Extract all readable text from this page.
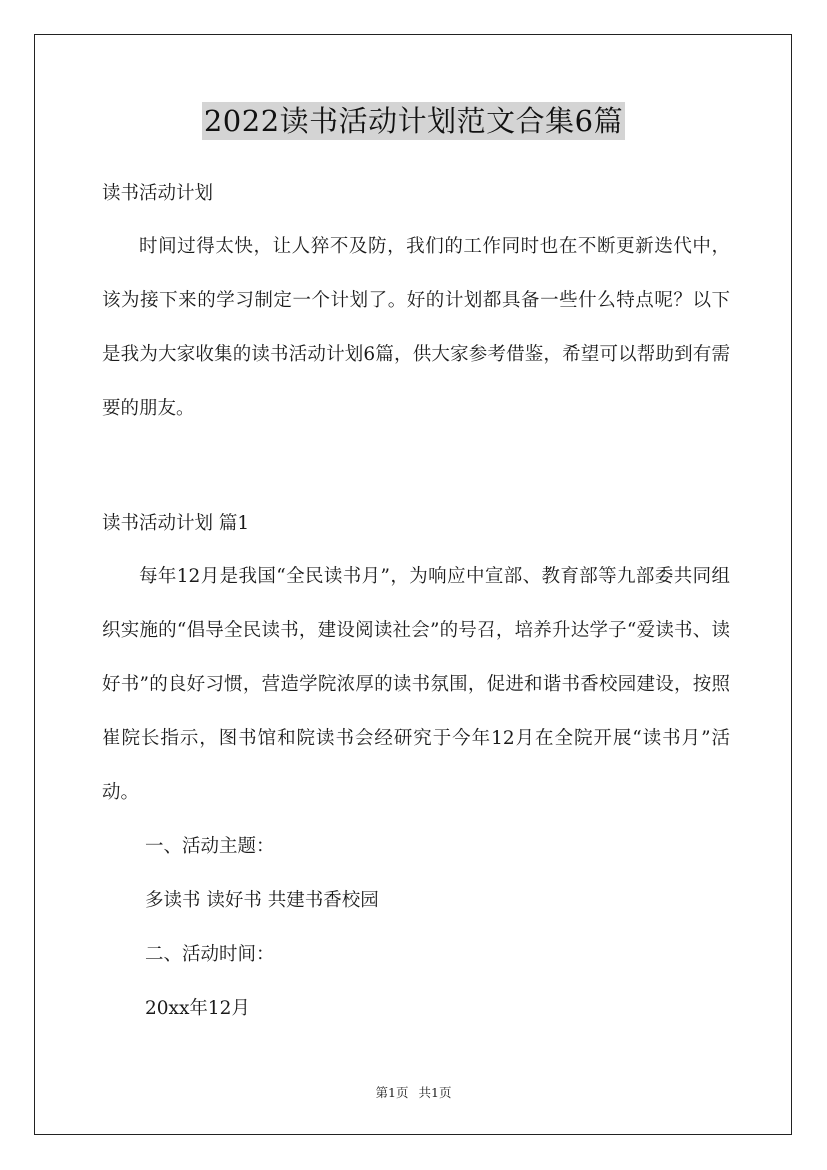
2022读书活动计划范文合集6篇

读书活动计划

时间过得太快，让人猝不及防，我们的工作同时也在不断更新迭代中，该为接下来的学习制定一个计划了。好的计划都具备一些什么特点呢？以下是我为大家收集的读书活动计划6篇，供大家参考借鉴，希望可以帮助到有需要的朋友。

读书活动计划 篇1

每年12月是我国“全民读书月”，为响应中宣部、教育部等九部委共同组织实施的“倡导全民读书，建设阅读社会”的号召，培养升达学子“爱读书、读好书”的良好习惯，营造学院浓厚的读书氛围，促进和谐书香校园建设，按照崔院长指示，图书馆和院读书会经研究于今年12月在全院开展“读书月”活动。

一、活动主题：

多读书 读好书 共建书香校园

二、活动时间：

20xx年12月

第1页 共1页
